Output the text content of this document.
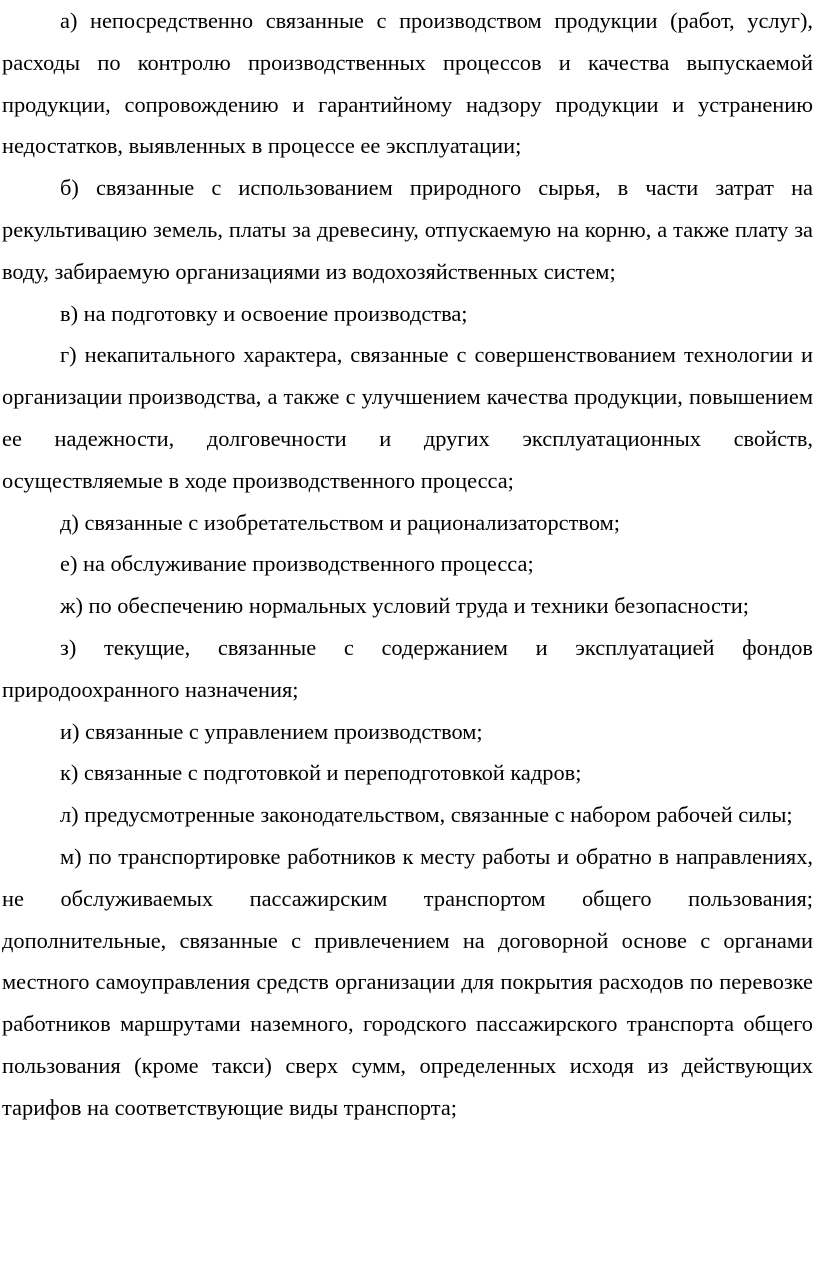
а) непосредственно связанные с производством продукции (работ, услуг), расходы по контролю производственных процессов и качества выпускаемой продукции, сопровождению и гарантийному надзору продукции и устранению недостатков, выявленных в процессе ее эксплуатации;

б) связанные с использованием природного сырья, в части затрат на рекультивацию земель, платы за древесину, отпускаемую на корню, а также плату за воду, забираемую организациями из водохозяйственных систем;

в) на подготовку и освоение производства;

г) некапитального характера, связанные с совершенствованием технологии и организации производства, а также с улучшением качества продукции, повышением ее надежности, долговечности и других эксплуатационных свойств, осуществляемые в ходе производственного процесса;

д) связанные с изобретательством и рационализаторством;

е) на обслуживание производственного процесса;

ж) по обеспечению нормальных условий труда и техники безопасности;

з) текущие, связанные с содержанием и эксплуатацией фондов природоохранного назначения;

и) связанные с управлением производством;

к) связанные с подготовкой и переподготовкой кадров;

л) предусмотренные законодательством, связанные с набором рабочей силы;

м) по транспортировке работников к месту работы и обратно в направлениях, не обслуживаемых пассажирским транспортом общего пользования; дополнительные, связанные с привлечением на договорной основе с органами местного самоуправления средств организации для покрытия расходов по перевозке работников маршрутами наземного, городского пассажирского транспорта общего пользования (кроме такси) сверх сумм, определенных исходя из действующих тарифов на соответствующие виды транспорта;
